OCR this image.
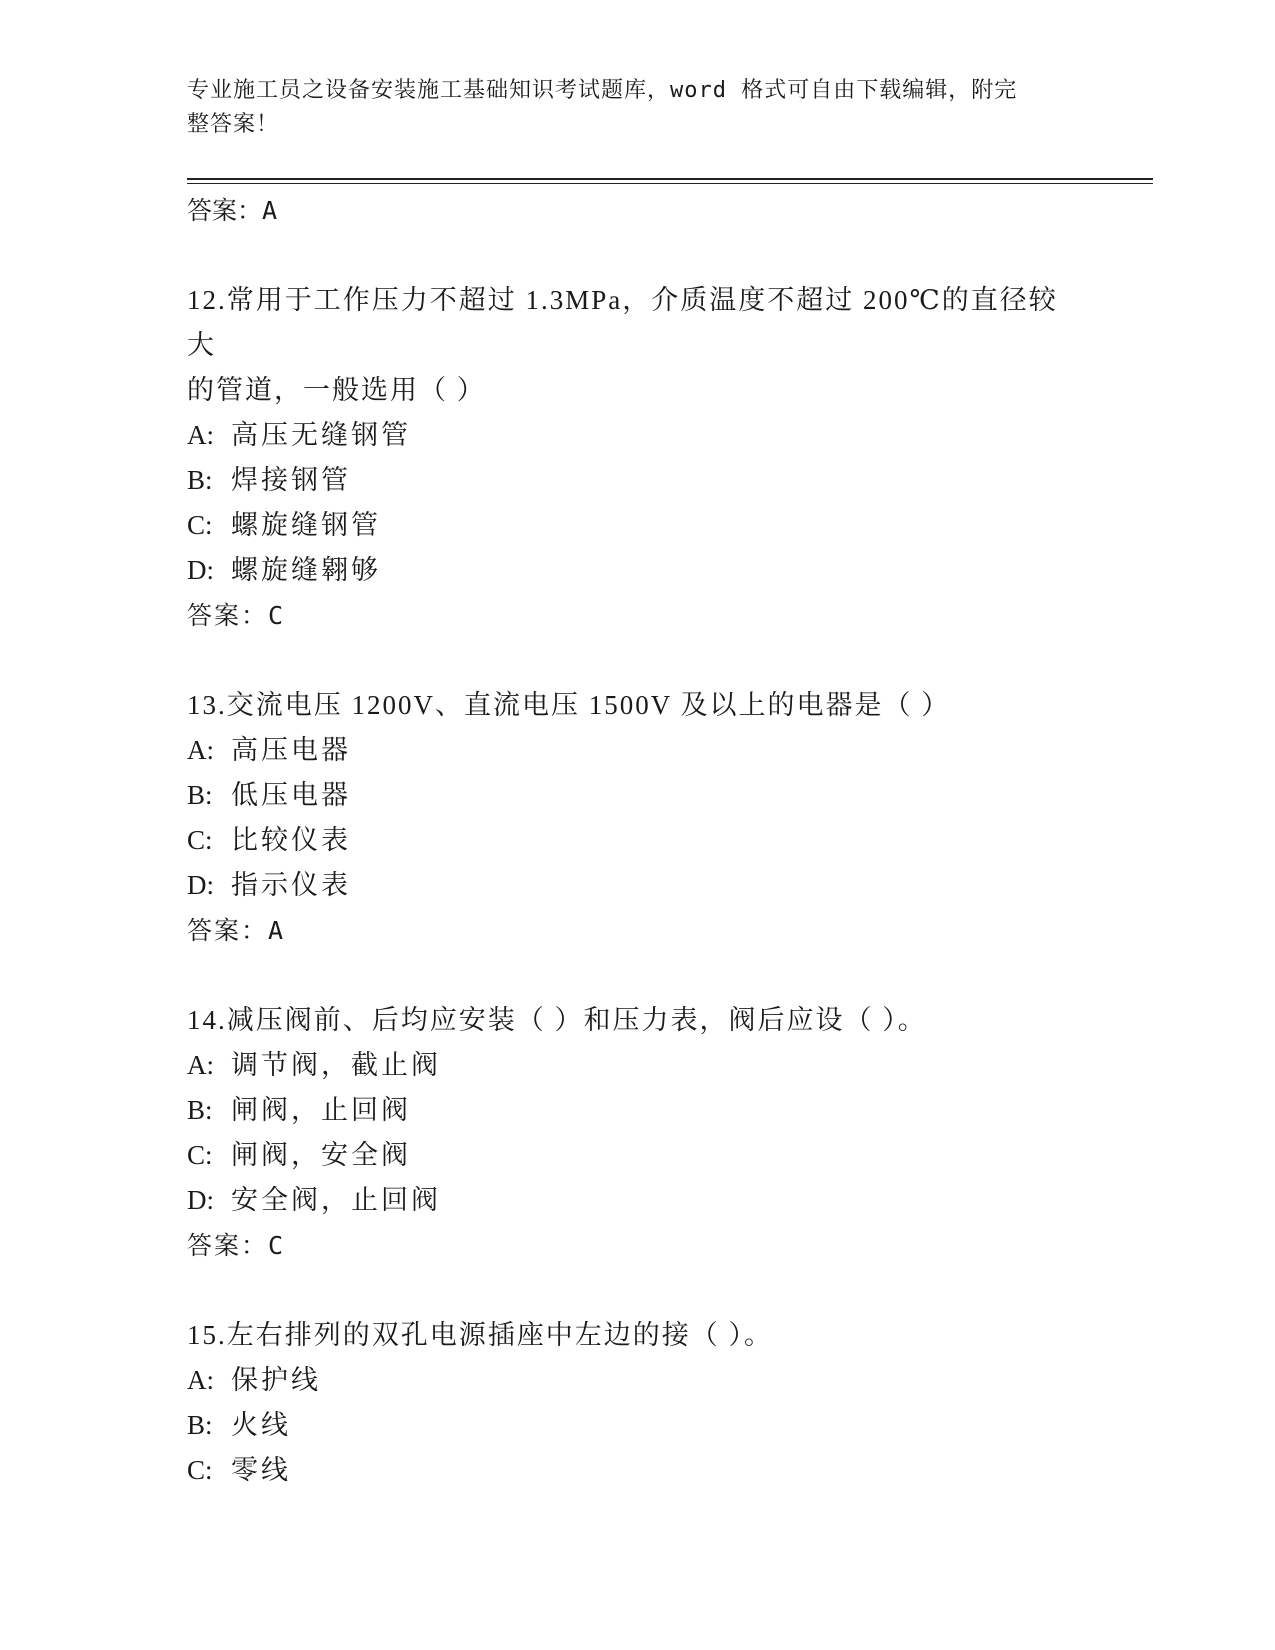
专业施工员之设备安装施工基础知识考试题库，word 格式可自由下载编辑，附完
整答案！
答案：A
12.常用于工作压力不超过 1.3MPa，介质温度不超过 200℃的直径较大
的管道，一般选用（ ）
A: 高压无缝钢管
B: 焊接钢管
C: 螺旋缝钢管
D: 螺旋缝翱够
答案：C
13.交流电压 1200V、直流电压 1500V 及以上的电器是（ ）
A: 高压电器
B: 低压电器
C: 比较仪表
D: 指示仪表
答案：A
14.减压阀前、后均应安装（ ）和压力表，阀后应设（ ）。
A: 调节阀，截止阀
B: 闸阀，止回阀
C: 闸阀，安全阀
D: 安全阀，止回阀
答案：C
15.左右排列的双孔电源插座中左边的接（ ）。
A: 保护线
B: 火线
C: 零线
